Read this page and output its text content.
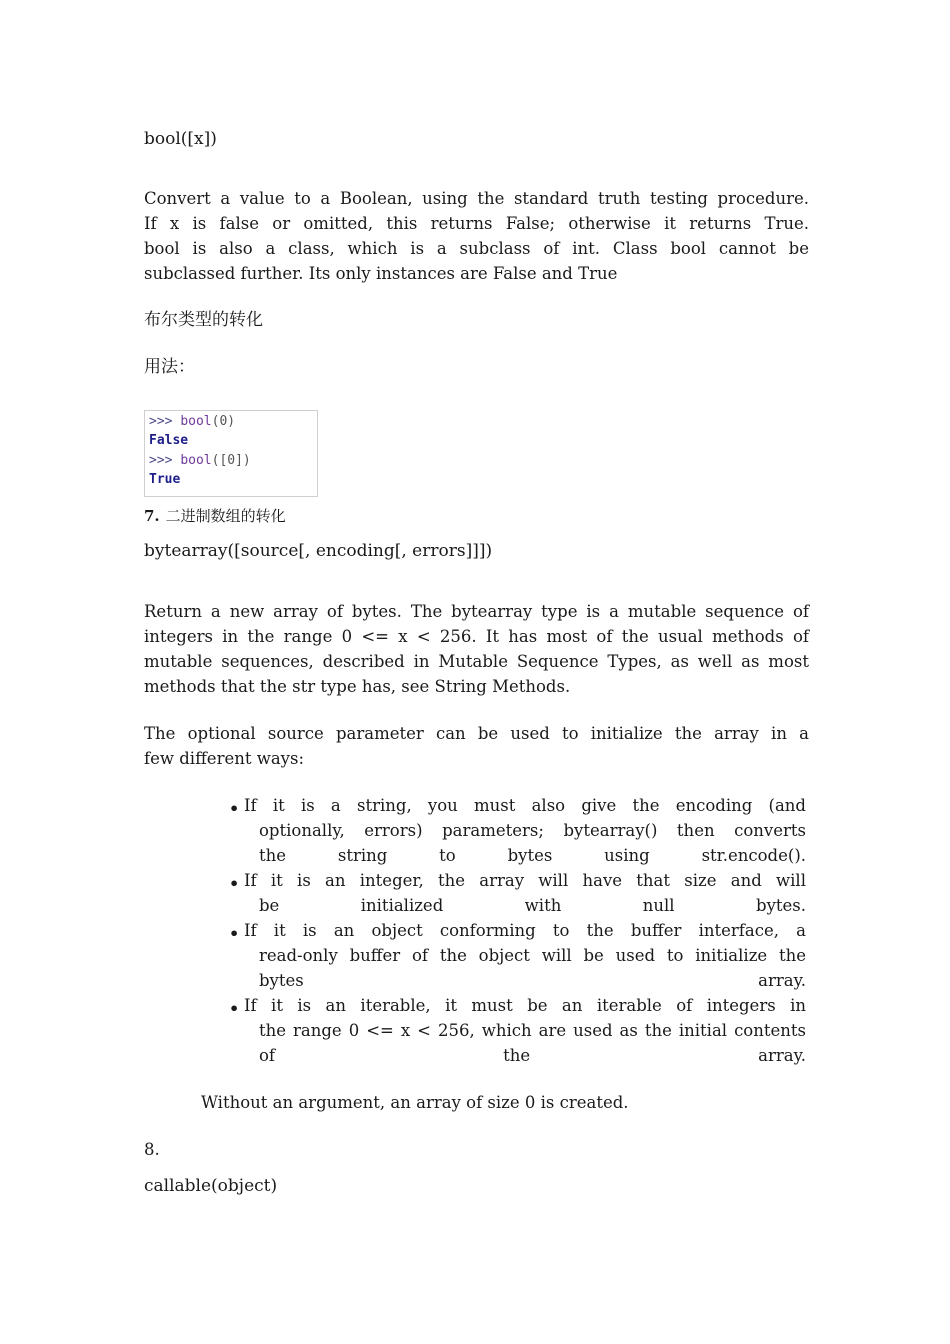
bool([x])
Convert a value to a Boolean, using the standard truth testing procedure.
If x is false or omitted, this returns False; otherwise it returns True.
bool is also a class, which is a subclass of int. Class bool cannot be
subclassed further. Its only instances are False and True
布尔类型的转化
用法：
>>> bool(0)
False
>>> bool([0])
True
7. 二进制数组的转化
bytearray([source[, encoding[, errors]]])
Return a new array of bytes. The bytearray type is a mutable sequence of
integers in the range 0 <= x < 256. It has most of the usual methods of
mutable sequences, described in Mutable Sequence Types, as well as most
methods that the str type has, see String Methods.
The optional source parameter can be used to initialize the array in a
few different ways:
• If it is a string, you must also give the encoding (and
optionally, errors) parameters; bytearray() then converts
the string to bytes using str.encode().
• If it is an integer, the array will have that size and will
be initialized with null bytes.
• If it is an object conforming to the buffer interface, a
read-only buffer of the object will be used to initialize the
bytes array.
• If it is an iterable, it must be an iterable of integers in
the range 0 <= x < 256, which are used as the initial contents
of the array.
Without an argument, an array of size 0 is created.
8.
callable(object)
